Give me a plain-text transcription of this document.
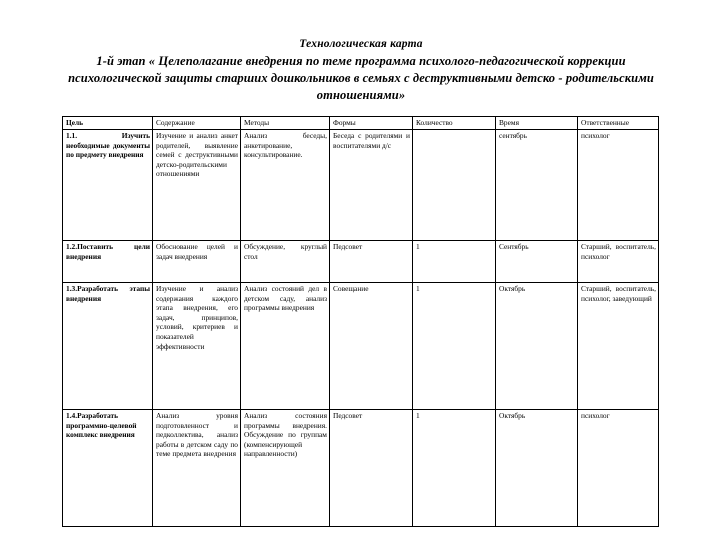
Технологическая карта
1-й этап « Целеполагание внедрения по теме программа психолого-педагогической коррекции психологической защиты старших дошкольников в семьях с деструктивными детско - родительскими отношениями»
Цель	Содержание	Методы	Формы	Количество	Время	Ответственные
1.1. Изучить необходимые документы по предмету внедрения	Изучение и анализ анкет родителей, выявление семей с деструктивными детско-родительскими отношениями	Анализ беседы, анкетирование, консультирование.	Беседа с родителями и воспитателями д/с		сентябрь	психолог
1.2.Поставить цели внедрения	Обоснование целей и задач внедрения	Обсуждение, круглый стол	Педсовет	1	Сентябрь	Старший, воспитатель, психолог
1.3.Разработать этапы внедрения	Изучение и анализ содержания каждого этапа внедрения, его задач, принципов, условий, критериев и показателей эффективности	Анализ состояний дел в детском саду, анализ программы внедрения	Совещание	1	Октябрь	Старший, воспитатель, психолог, заведующий
1.4.Разработать программно-целевой комплекс внедрения	Анализ уровня подготовленност и педколлектива, анализ работы в детском саду по теме предмета внедрения	Анализ состояния программы внедрения. Обсуждение по группам (компенсирующей направленности)	Педсовет	1	Октябрь	психолог
